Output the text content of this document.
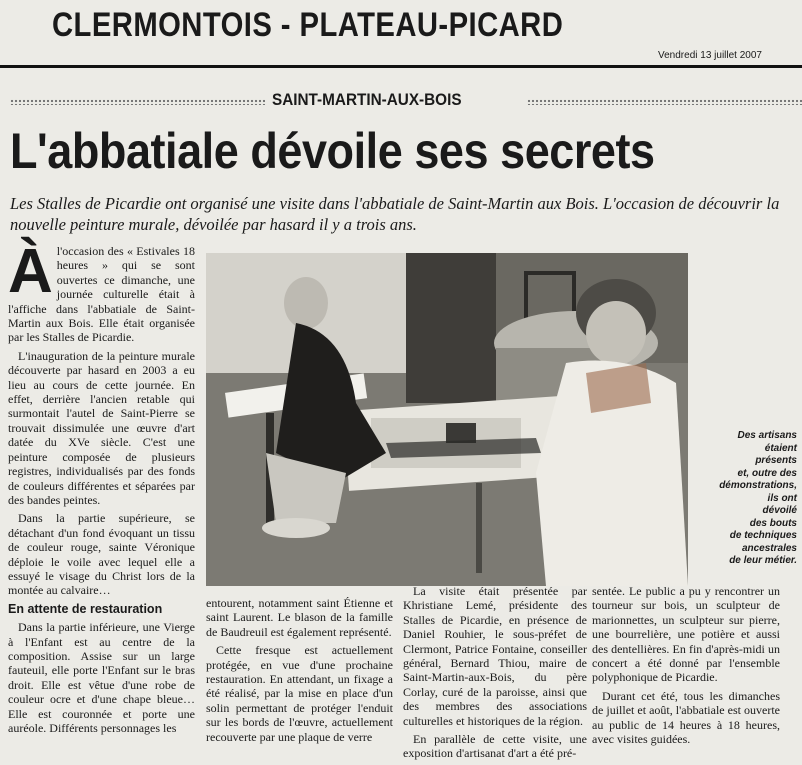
CLERMONTOIS - PLATEAU-PICARD
Vendredi 13 juillet 2007
SAINT-MARTIN-AUX-BOIS
L'abbatiale dévoile ses secrets
Les Stalles de Picardie ont organisé une visite dans l'abbatiale de Saint-Martin aux Bois. L'occasion de découvrir la nouvelle peinture murale, dévoilée par hasard il y a trois ans.
À l'occasion des « Estivales 18 heures » qui se sont ouvertes ce dimanche, une journée culturelle était à l'affiche dans l'abbatiale de Saint-Martin aux Bois. Elle était organisée par les Stalles de Picardie.

L'inauguration de la peinture murale découverte par hasard en 2003 a eu lieu au cours de cette journée. En effet, derrière l'ancien retable qui surmontait l'autel de Saint-Pierre se trouvait dissimulée une œuvre d'art datée du XVe siècle. C'est une peinture composée de plusieurs registres, individualisés par des fonds de couleurs différentes et séparées par des bandes peintes.

Dans la partie supérieure, se détachant d'un fond évoquant un tissu de couleur rouge, sainte Véronique déploie le voile avec lequel elle a essuyé le visage du Christ lors de la montée au calvaire…

En attente de restauration

Dans la partie inférieure, une Vierge à l'Enfant est au centre de la composition. Assise sur un large fauteuil, elle porte l'Enfant sur le bras droit. Elle est vêtue d'une robe de couleur ocre et d'une chape bleue… Elle est couronnée et porte une auréole. Différents personnages les

Des artisans
étaient
présents
et, outre des
démonstrations,
ils ont
dévoilé
des bouts
de techniques
ancestrales
de leur métier.

entourent, notamment saint Étienne et saint Laurent. Le blason de la famille de Baudreuil est également représenté.

Cette fresque est actuellement protégée, en vue d'une prochaine restauration. En attendant, un fixage a été réalisé, par la mise en place d'un solin permettant de protéger l'enduit sur les bords de l'œuvre, actuellement recouverte par une plaque de verre

La visite était présentée par Khristiane Lemé, présidente des Stalles de Picardie, en présence de Daniel Rouhier, le sous-préfet de Clermont, Patrice Fontaine, conseiller général, Bernard Thiou, maire de Saint-Martin-aux-Bois, du père Corlay, curé de la paroisse, ainsi que des membres des associations culturelles et historiques de la région.

En parallèle de cette visite, une exposition d'artisanat d'art a été pré-

sentée. Le public a pu y rencontrer un tourneur sur bois, un sculpteur de marionnettes, un sculpteur sur pierre, une bourrelière, une potière et aussi des dentellières. En fin d'après-midi un concert a été donné par l'ensemble polyphonique de Picardie.

Durant cet été, tous les dimanches de juillet et août, l'abbatiale est ouverte au public de 14 heures à 18 heures, avec visites guidées.
